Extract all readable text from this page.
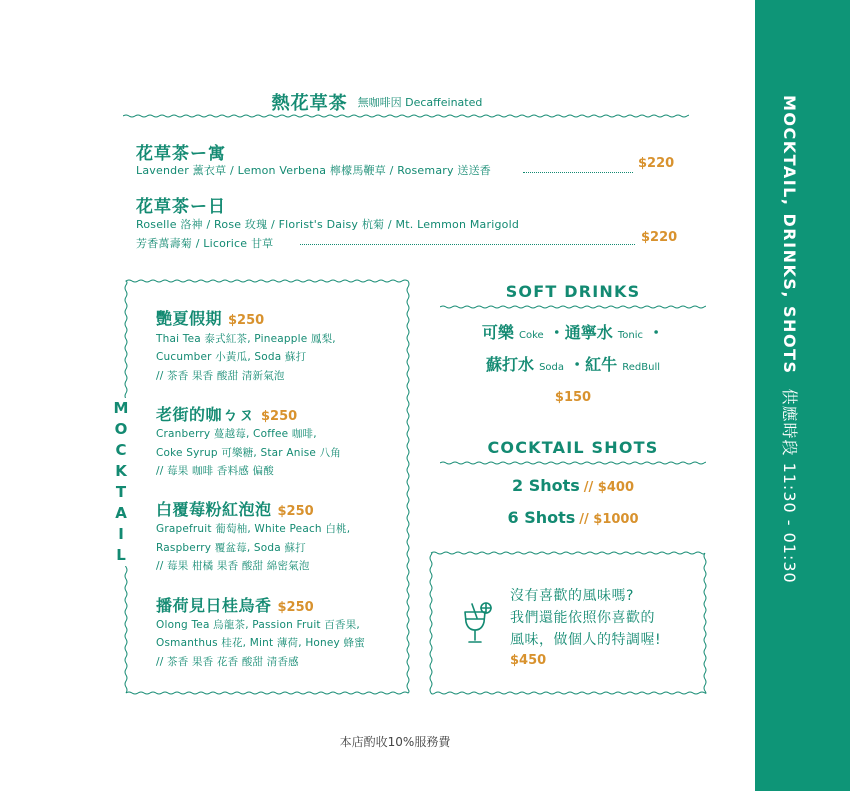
MOCKTAIL, DRINKS, SHOTS供應時段 11:30 - 01:30
熱花草茶 無咖啡因 Decaffeinated
花草茶ー寓
Lavender 薰衣草 / Lemon Verbena 檸檬馬鞭草 / Rosemary 送送香	$220
花草茶ー日
Roselle 洛神 / Rose 玫瑰 / Florist's Daisy 杭菊 / Mt. Lemmon Marigold
芳香萬壽菊 / Licorice 甘草	$220
M
O
C
K
T
A
I
L
艷夏假期 $250
Thai Tea 泰式紅茶, Pineapple 鳳梨,
Cucumber 小黃瓜, Soda 蘇打
// 茶香 果香 酸甜 清新氣泡
老街的咖ㄅㄡ $250
Cranberry 蔓越莓, Coffee 咖啡,
Coke Syrup 可樂糖, Star Anise 八角
// 莓果 咖啡 香料感 偏酸
白覆莓粉紅泡泡 $250
Grapefruit 葡萄柚, White Peach 白桃,
Raspberry 覆盆莓, Soda 蘇打
// 莓果 柑橘 果香 酸甜 綿密氣泡
播荷見日桂烏香 $250
Olong Tea 烏龍茶, Passion Fruit 百香果,
Osmanthus 桂花, Mint 薄荷, Honey 蜂蜜
// 茶香 果香 花香 酸甜 清香感
SOFT DRINKS
可樂 Coke ・通寧水 Tonic ・
蘇打水 Soda ・紅牛 RedBull
$150
COCKTAIL SHOTS
2 Shots // $400
6 Shots // $1000
沒有喜歡的風味嗎?
我們還能依照你喜歡的
風味，做個人的特調喔!
$450
本店酌收10%服務費
